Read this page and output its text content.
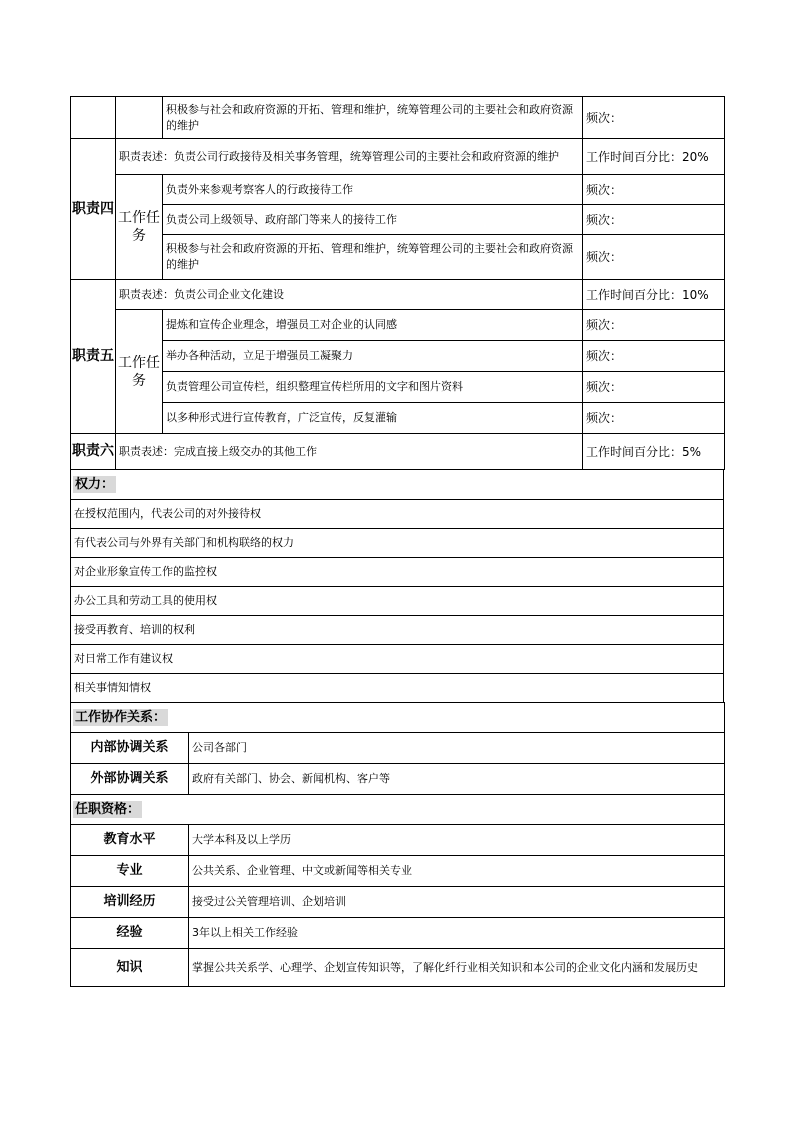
		积极参与社会和政府资源的开拓、管理和维护，统筹管理公司的主要社会和政府资源的维护	频次：
职责四	职责表述：负责公司行政接待及相关事务管理，统筹管理公司的主要社会和政府资源的维护		工作时间百分比：20%
	工作任务	负责外来参观考察客人的行政接待工作	频次：
		负责公司上级领导、政府部门等来人的接待工作	频次：
		积极参与社会和政府资源的开拓、管理和维护，统筹管理公司的主要社会和政府资源的维护	频次：
职责五	职责表述：负责公司企业文化建设		工作时间百分比：10%
	工作任务	提炼和宣传企业理念，增强员工对企业的认同感	频次：
		举办各种活动，立足于增强员工凝聚力	频次：
		负责管理公司宣传栏，组织整理宣传栏所用的文字和图片资料	频次：
		以多种形式进行宣传教育，广泛宣传，反复灌输	频次：
职责六	职责表述：完成直接上级交办的其他工作		工作时间百分比：5%
权力：
在授权范围内，代表公司的对外接待权
有代表公司与外界有关部门和机构联络的权力
对企业形象宣传工作的监控权
办公工具和劳动工具的使用权
接受再教育、培训的权利
对日常工作有建议权
相关事情知情权
工作协作关系：	
内部协调关系	公司各部门
外部协调关系	政府有关部门、协会、新闻机构、客户等
任职资格：	
教育水平	大学本科及以上学历
专业	公共关系、企业管理、中文或新闻等相关专业
培训经历	接受过公关管理培训、企划培训
经验	3年以上相关工作经验
知识	掌握公共关系学、心理学、企划宣传知识等，了解化纤行业相关知识和本公司的企业文化内涵和发展历史
